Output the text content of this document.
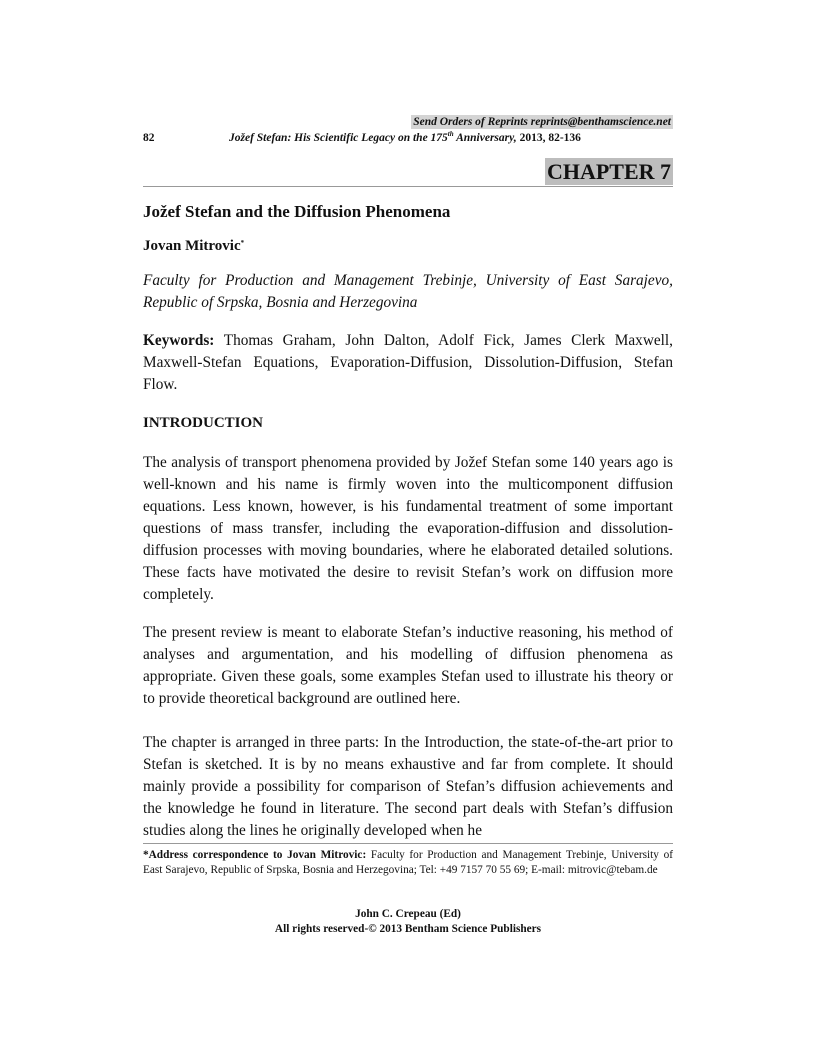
Send Orders of Reprints reprints@benthamscience.net
82	Jožef Stefan: His Scientific Legacy on the 175th Anniversary, 2013, 82-136
CHAPTER 7
Jožef Stefan and the Diffusion Phenomena
Jovan Mitrovic*

Faculty for Production and Management Trebinje, University of East Sarajevo, Republic of Srpska, Bosnia and Herzegovina

Keywords: Thomas Graham, John Dalton, Adolf Fick, James Clerk Maxwell, Maxwell-Stefan Equations, Evaporation-Diffusion, Dissolution-Diffusion, Stefan Flow.

INTRODUCTION

The analysis of transport phenomena provided by Jožef Stefan some 140 years ago is well-known and his name is firmly woven into the multicomponent diffusion equations. Less known, however, is his fundamental treatment of some important questions of mass transfer, including the evaporation-diffusion and dissolution-diffusion processes with moving boundaries, where he elaborated detailed solutions. These facts have motivated the desire to revisit Stefan’s work on diffusion more completely.

The present review is meant to elaborate Stefan’s inductive reasoning, his method of analyses and argumentation, and his modelling of diffusion phenomena as appropriate. Given these goals, some examples Stefan used to illustrate his theory or to provide theoretical background are outlined here.

The chapter is arranged in three parts: In the Introduction, the state-of-the-art prior to Stefan is sketched. It is by no means exhaustive and far from complete. It should mainly provide a possibility for comparison of Stefan’s diffusion achievements and the knowledge he found in literature. The second part deals with Stefan’s diffusion studies along the lines he originally developed when he

*Address correspondence to Jovan Mitrovic: Faculty for Production and Management Trebinje, University of East Sarajevo, Republic of Srpska, Bosnia and Herzegovina; Tel: +49 7157 70 55 69; E-mail: mitrovic@tebam.de
John C. Crepeau (Ed)
All rights reserved-© 2013 Bentham Science Publishers
